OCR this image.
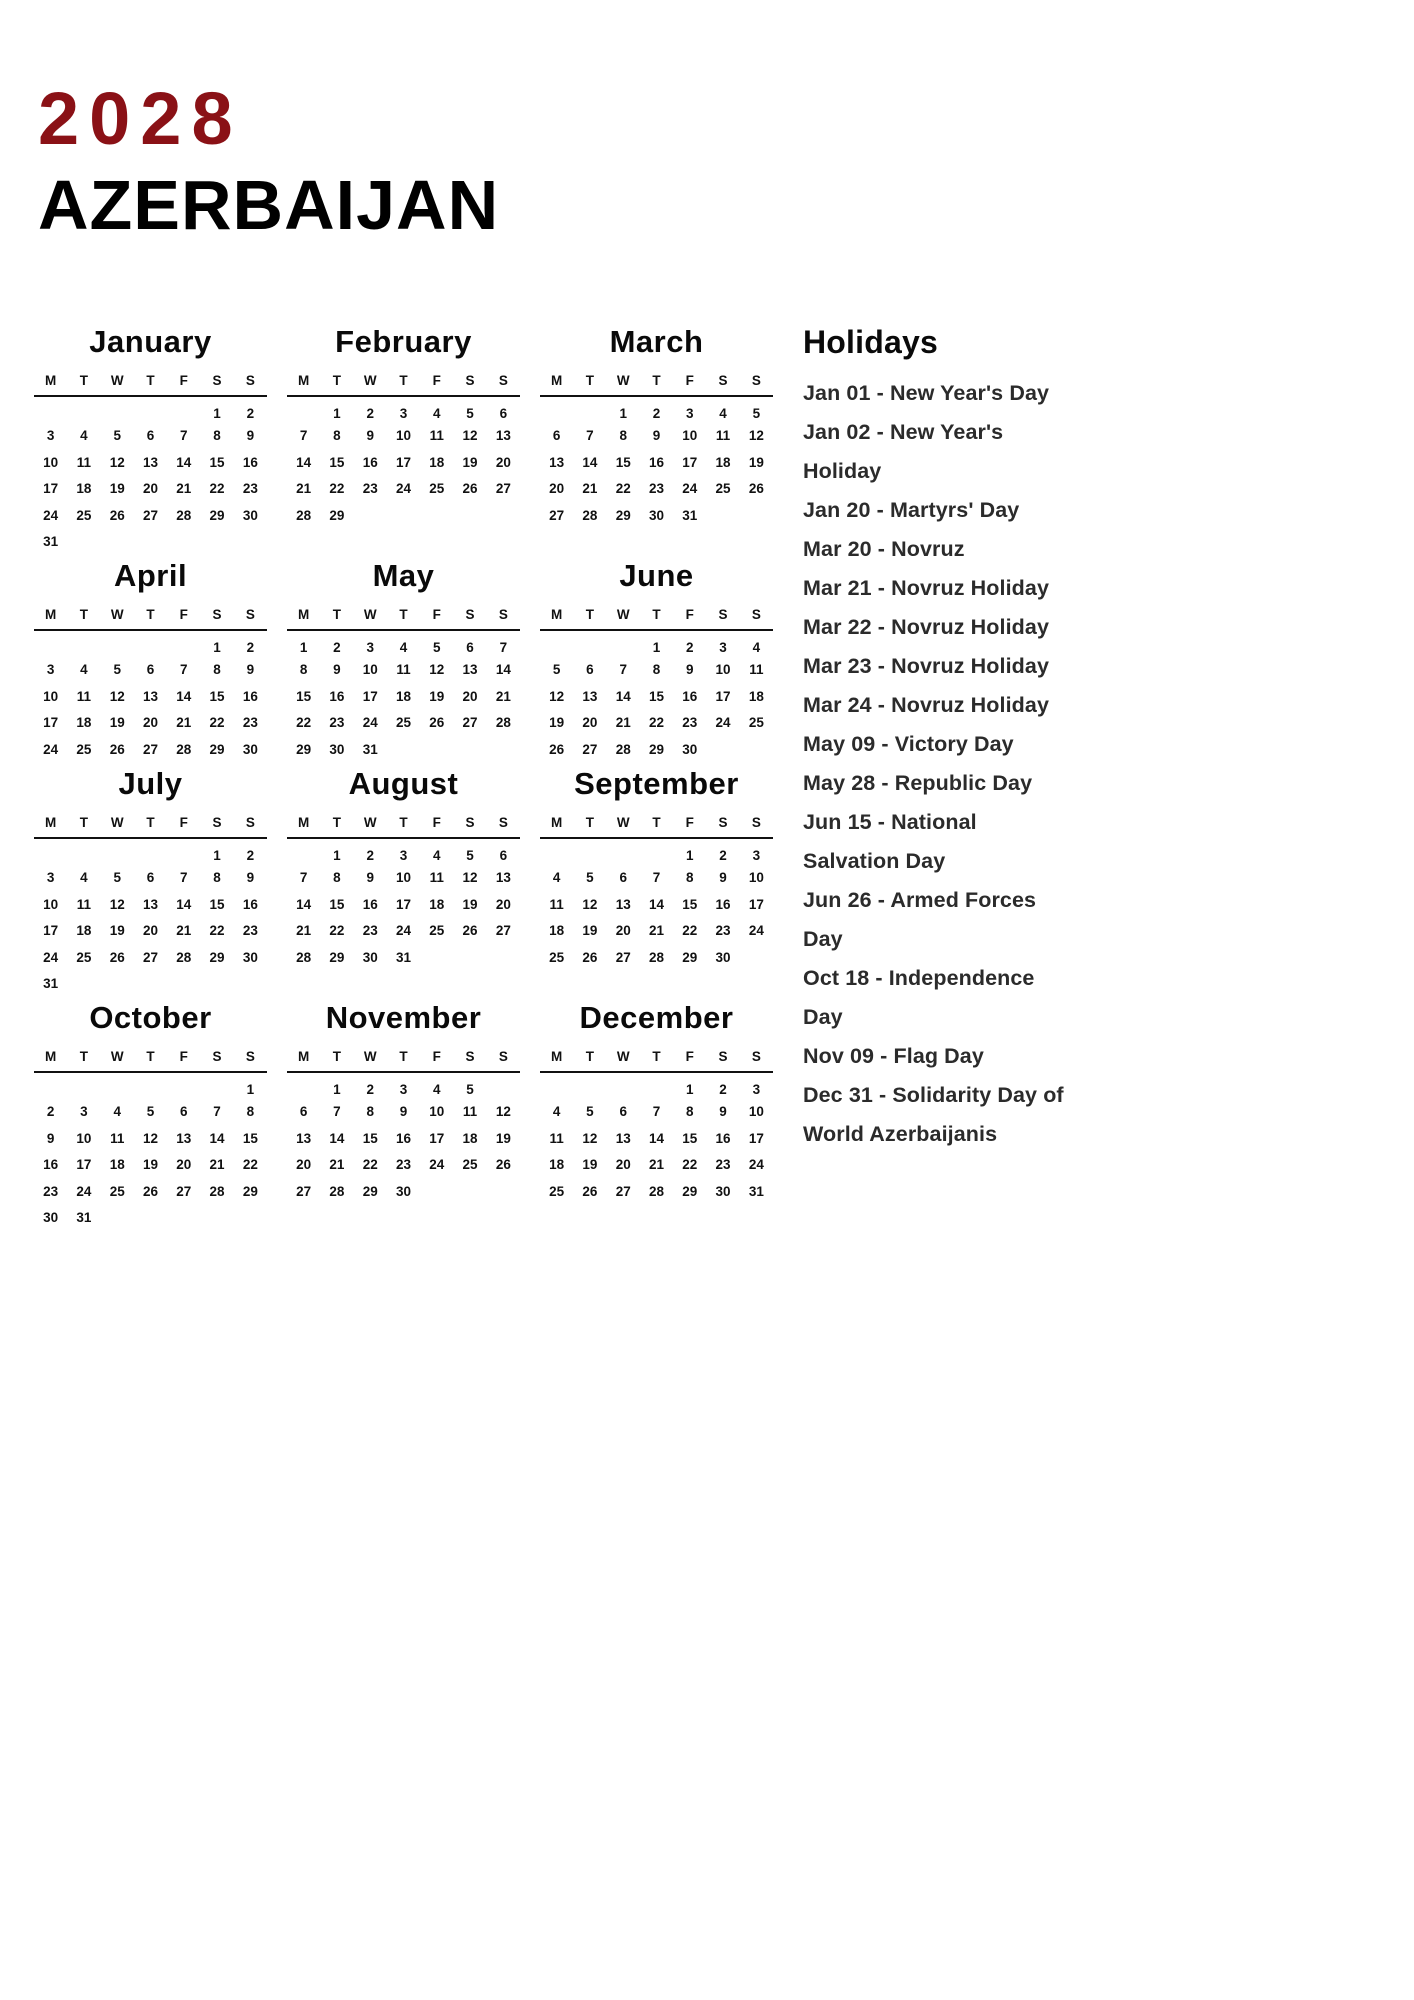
2028
AZERBAIJAN
January
M	T	W	T	F	S	S
					1	2
3	4	5	6	7	8	9
10	11	12	13	14	15	16
17	18	19	20	21	22	23
24	25	26	27	28	29	30
31						
February
M	T	W	T	F	S	S
	1	2	3	4	5	6
7	8	9	10	11	12	13
14	15	16	17	18	19	20
21	22	23	24	25	26	27
28	29					
March
M	T	W	T	F	S	S
		1	2	3	4	5
6	7	8	9	10	11	12
13	14	15	16	17	18	19
20	21	22	23	24	25	26
27	28	29	30	31		
April
M	T	W	T	F	S	S
					1	2
3	4	5	6	7	8	9
10	11	12	13	14	15	16
17	18	19	20	21	22	23
24	25	26	27	28	29	30
May
M	T	W	T	F	S	S
1	2	3	4	5	6	7
8	9	10	11	12	13	14
15	16	17	18	19	20	21
22	23	24	25	26	27	28
29	30	31				
June
M	T	W	T	F	S	S
			1	2	3	4
5	6	7	8	9	10	11
12	13	14	15	16	17	18
19	20	21	22	23	24	25
26	27	28	29	30		
July
M	T	W	T	F	S	S
					1	2
3	4	5	6	7	8	9
10	11	12	13	14	15	16
17	18	19	20	21	22	23
24	25	26	27	28	29	30
31						
August
M	T	W	T	F	S	S
	1	2	3	4	5	6
7	8	9	10	11	12	13
14	15	16	17	18	19	20
21	22	23	24	25	26	27
28	29	30	31			
September
M	T	W	T	F	S	S
				1	2	3
4	5	6	7	8	9	10
11	12	13	14	15	16	17
18	19	20	21	22	23	24
25	26	27	28	29	30	
October
M	T	W	T	F	S	S
						1
2	3	4	5	6	7	8
9	10	11	12	13	14	15
16	17	18	19	20	21	22
23	24	25	26	27	28	29
30	31					
November
M	T	W	T	F	S	S
	1	2	3	4	5	
6	7	8	9	10	11	12
13	14	15	16	17	18	19
20	21	22	23	24	25	26
27	28	29	30			
December
M	T	W	T	F	S	S
				1	2	3
4	5	6	7	8	9	10
11	12	13	14	15	16	17
18	19	20	21	22	23	24
25	26	27	28	29	30	31
Holidays
Jan 01 - New Year's Day
Jan 02 - New Year's Holiday
Jan 20 - Martyrs' Day
Mar 20 - Novruz
Mar 21 - Novruz Holiday
Mar 22 - Novruz Holiday
Mar 23 - Novruz Holiday
Mar 24 - Novruz Holiday
May 09 - Victory Day
May 28 - Republic Day
Jun 15 - National Salvation Day
Jun 26 - Armed Forces Day
Oct 18 - Independence Day
Nov 09 - Flag Day
Dec 31 - Solidarity Day of World Azerbaijanis
